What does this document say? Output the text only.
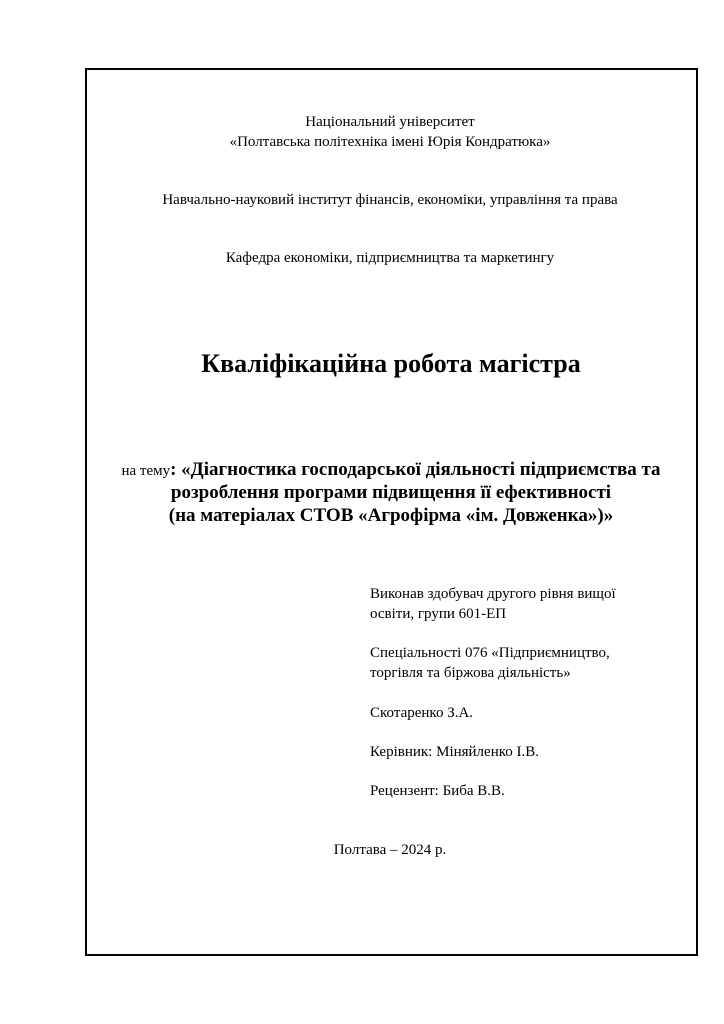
Національний університет
«Полтавська політехніка імені Юрія Кондратюка»
Навчально-науковий інститут фінансів, економіки, управління та права
Кафедра економіки, підприємництва та маркетингу
Кваліфікаційна робота магістра
на тему: «Діагностика господарської діяльності підприємства та
розроблення програми підвищення її ефективності
(на матеріалах СТОВ «Агрофірма «ім. Довженка»)»
Виконав здобувач другого рівня вищої
освіти, групи 601-ЕП
Спеціальності 076 «Підприємництво,
торгівля та біржова діяльність»
Скотаренко З.А.
Керівник: Міняйленко І.В.
Рецензент: Биба В.В.
Полтава – 2024 р.
